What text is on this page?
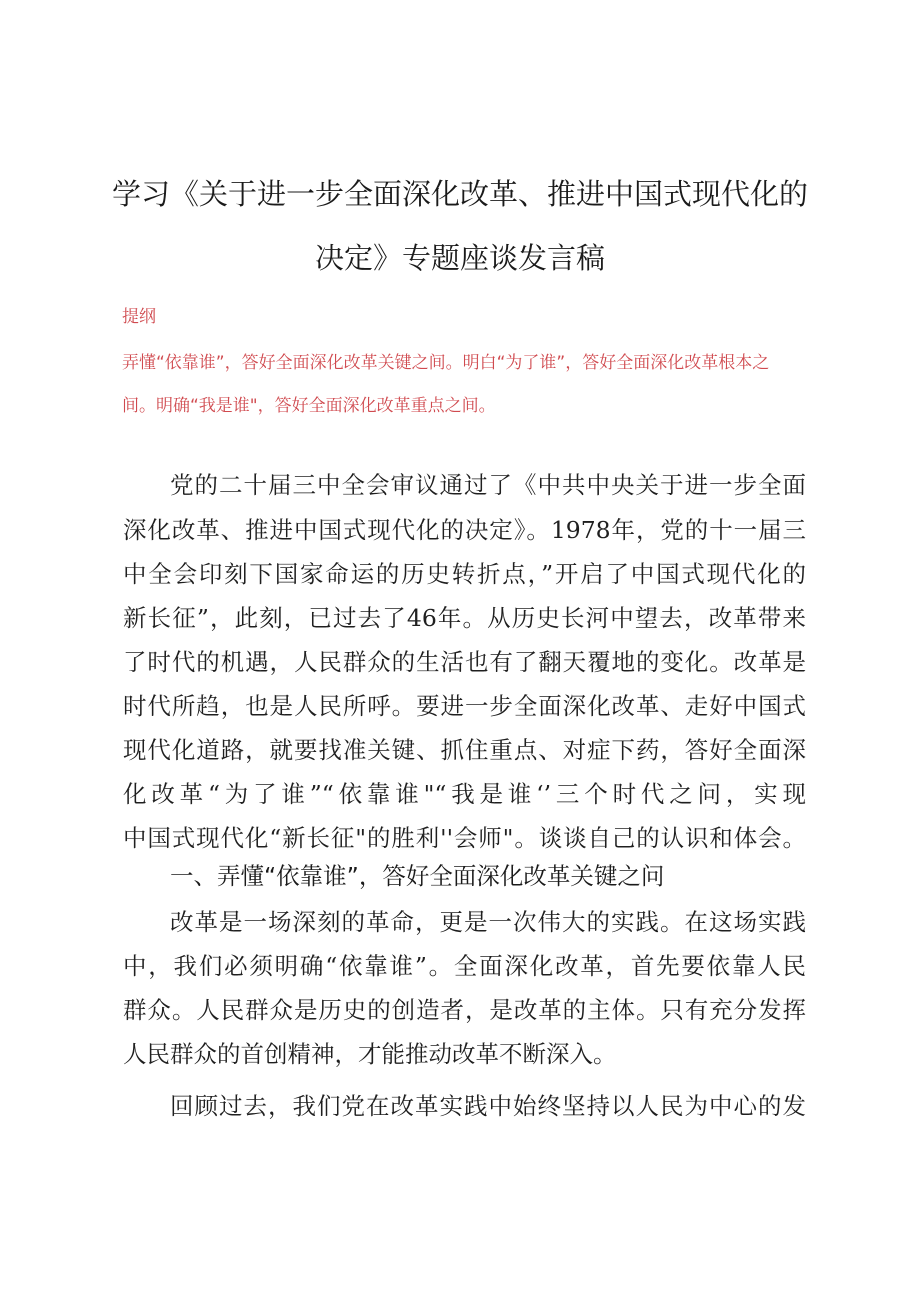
学习《关于进一步全面深化改革、推进中国式现代化的
决定》专题座谈发言稿
提纲
弄懂“依靠谁”，答好全面深化改革关键之间。明白“为了谁”，答好全面深化改革根本之
间。明确“我是谁"，答好全面深化改革重点之间。
党的二十届三中全会审议通过了《中共中央关于进一步全面
深化改革、推进中国式现代化的决定》。1978年，党的十一届三
中全会印刻下国家命运的历史转折点，”开启了中国式现代化的
新长征”，此刻，已过去了46年。从历史长河中望去，改革带来
了时代的机遇，人民群众的生活也有了翻天覆地的变化。改革是
时代所趋，也是人民所呼。要进一步全面深化改革、走好中国式
现代化道路，就要找准关键、抓住重点、对症下药，答好全面深
化改革“为了谁”“依靠谁"“我是谁‘’三个时代之问，实现
中国式现代化“新长征"的胜利''会师"。谈谈自己的认识和体会。
一、弄懂“依靠谁”，答好全面深化改革关键之问
改革是一场深刻的革命，更是一次伟大的实践。在这场实践
中，我们必须明确“依靠谁”。全面深化改革，首先要依靠人民
群众。人民群众是历史的创造者，是改革的主体。只有充分发挥
人民群众的首创精神，才能推动改革不断深入。
回顾过去，我们党在改革实践中始终坚持以人民为中心的发
